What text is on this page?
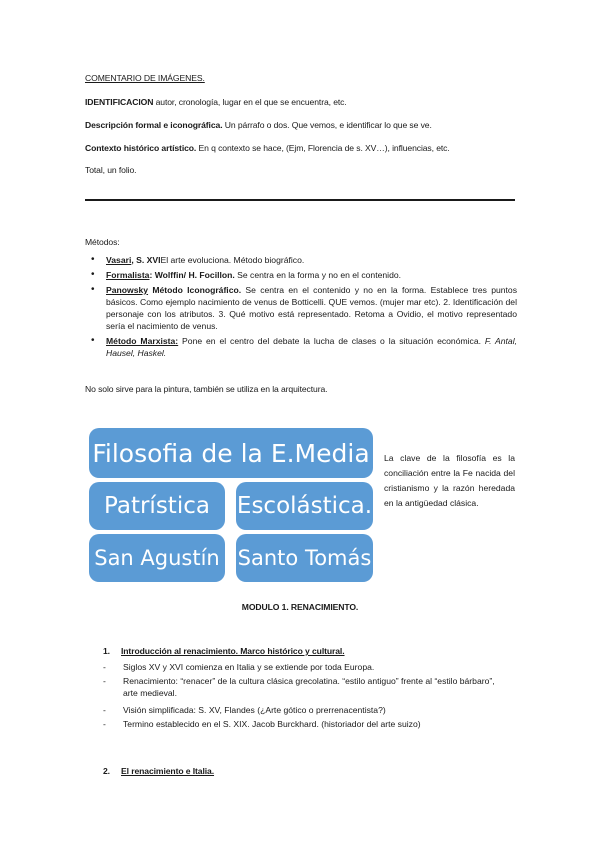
COMENTARIO DE IMÁGENES.
IDENTIFICACION autor, cronología, lugar en el que se encuentra, etc.
Descripción formal e iconográfica. Un párrafo o dos. Que vemos, e identificar lo que se ve.
Contexto histórico artístico. En q contexto se hace, (Ejm, Florencia de s. XV…), influencias, etc.
Total, un folio.
Métodos:
• Vasari, S. XVIEl arte evoluciona. Método biográfico.
• Formalista: Wolffin/ H. Focillon. Se centra en la forma y no en el contenido.
• Panowsky Método Iconográfico. Se centra en el contenido y no en la forma. Establece tres puntos básicos. Como ejemplo nacimiento de venus de Botticelli. QUE vemos. (mujer mar etc). 2. Identificación del personaje con los atributos. 3. Qué motivo está representado. Retoma a Ovidio, el motivo representado sería el nacimiento de venus.
• Método Marxista: Pone en el centro del debate la lucha de clases o la situación económica. F. Antal, Hausel, Haskel.
No solo sirve para la pintura, también se utiliza en la arquitectura.
Filosofia de la E.Media
Patrística Escolástica.
San Agustín Santo Tomás
La clave de la filosofía es la conciliación entre la Fe nacida del cristianismo y la razón heredada en la antigüedad clásica.
MODULO 1. RENACIMIENTO.
1. Introducción al renacimiento. Marco histórico y cultural.
- Siglos XV y XVI comienza en Italia y se extiende por toda Europa.
- Renacimiento: “renacer” de la cultura clásica grecolatina. “estilo antiguo” frente al “estilo bárbaro”, arte medieval.
- Visión simplificada: S. XV, Flandes (¿Arte gótico o prerrenacentista?)
- Termino establecido en el S. XIX. Jacob Burckhard. (historiador del arte suizo)
2. El renacimiento e Italia.
